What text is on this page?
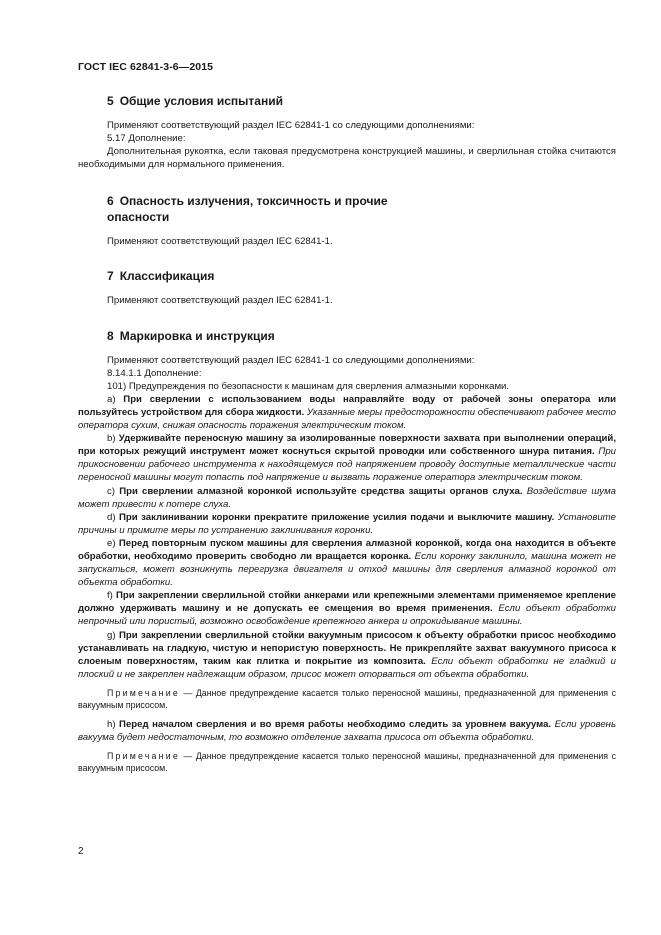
ГОСТ IEC 62841-3-6—2015
5 Общие условия испытаний

Применяют соответствующий раздел IEC 62841-1 со следующими дополнениями:

5.17 Дополнение:

Дополнительная рукоятка, если таковая предусмотрена конструкцией машины, и сверлильная стойка считаются необходимыми для нормального применения.

6 Опасность излучения, токсичность и прочие
опасности

Применяют соответствующий раздел IEC 62841-1.

7 Классификация

Применяют соответствующий раздел IEC 62841-1.

8 Маркировка и инструкция

Применяют соответствующий раздел IEC 62841-1 со следующими дополнениями:

8.14.1.1 Дополнение:

101) Предупреждения по безопасности к машинам для сверления алмазными коронками.

a) При сверлении с использованием воды направляйте воду от рабочей зоны оператора или пользуйтесь устройством для сбора жидкости. Указанные меры предосторожности обеспечивают рабочее место оператора сухим, снижая опасность поражения электрическим током.

b) Удерживайте переносную машину за изолированные поверхности захвата при выполнении операций, при которых режущий инструмент может коснуться скрытой проводки или собственного шнура питания. При прикосновении рабочего инструмента к находящемуся под напряжением проводу доступные металлические части переносной машины могут попасть под напряжение и вызвать поражение оператора электрическим током.

c) При сверлении алмазной коронкой используйте средства защиты органов слуха. Воздействие шума может привести к потере слуха.

d) При заклинивании коронки прекратите приложение усилия подачи и выключите машину. Установите причины и примите меры по устранению заклинивания коронки.

e) Перед повторным пуском машины для сверления алмазной коронкой, когда она находится в объекте обработки, необходимо проверить свободно ли вращается коронка. Если коронку заклинило, машина может не запускаться, может возникнуть перегрузка двигателя и отход машины для сверления алмазной коронкой от объекта обработки.

f) При закреплении сверлильной стойки анкерами или крепежными элементами применяемое крепление должно удерживать машину и не допускать ее смещения во время применения. Если объект обработки непрочный или пористый, возможно освобождение крепежного анкера и опрокидывание машины.

g) При закреплении сверлильной стойки вакуумным присосом к объекту обработки присос необходимо устанавливать на гладкую, чистую и непористую поверхность. Не прикрепляйте захват вакуумного присоса к слоеным поверхностям, таким как плитка и покрытие из композита. Если объект обработки не гладкий и плоский и не закреплен надлежащим образом, присос может оторваться от объекта обработки.

Примечание — Данное предупреждение касается только переносной машины, предназначенной для применения с вакуумным присосом.

h) Перед началом сверления и во время работы необходимо следить за уровнем вакуума. Если уровень вакуума будет недостаточным, то возможно отделение захвата присоса от объекта обработки.

Примечание — Данное предупреждение касается только переносной машины, предназначенной для применения с вакуумным присосом.

2
